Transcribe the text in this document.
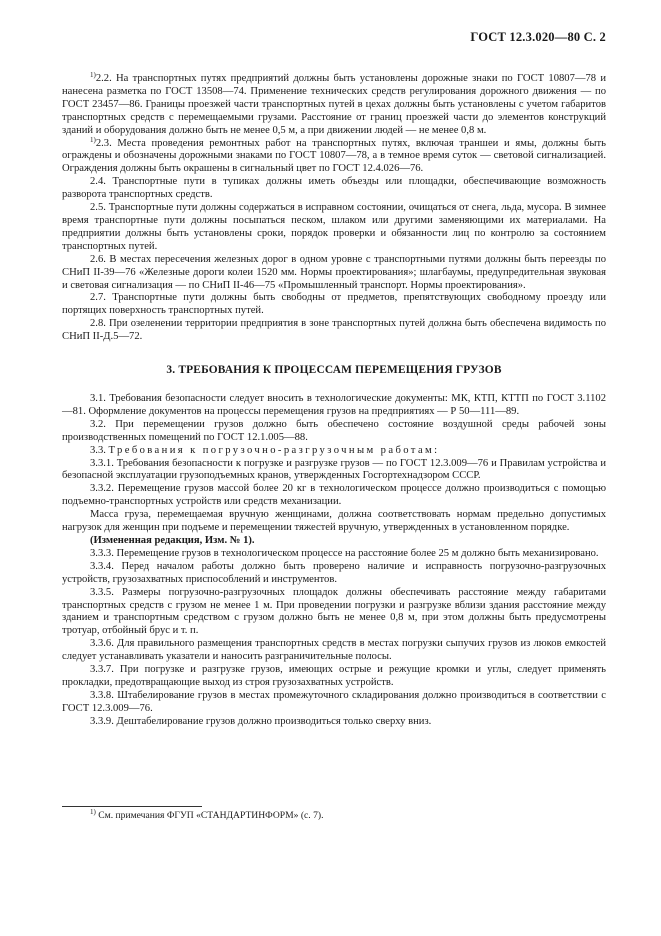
ГОСТ 12.3.020—80 С. 2

$^{1)}$2.2. На транспортных путях предприятий должны быть установлены дорожные знаки по ГОСТ 10807—78 и нанесена разметка по ГОСТ 13508—74. Применение технических средств регулирования дорожного движения — по ГОСТ 23457—86. Границы проезжей части транспортных путей в цехах должны быть установлены с учетом габаритов транспортных средств с перемещаемыми грузами. Расстояние от границ проезжей части до элементов конструкций зданий и оборудования должно быть не менее 0,5 м, а при движении людей — не менее 0,8 м.

$^{1)}$2.3. Места проведения ремонтных работ на транспортных путях, включая траншеи и ямы, должны быть ограждены и обозначены дорожными знаками по ГОСТ 10807—78, а в темное время суток — световой сигнализацией. Ограждения должны быть окрашены в сигнальный цвет по ГОСТ 12.4.026—76.

2.4. Транспортные пути в тупиках должны иметь объезды или площадки, обеспечивающие возможность разворота транспортных средств.

2.5. Транспортные пути должны содержаться в исправном состоянии, очищаться от снега, льда, мусора. В зимнее время транспортные пути должны посыпаться песком, шлаком или другими заменяющими их материалами. На предприятии должны быть установлены сроки, порядок проверки и обязанности лиц по контролю за состоянием транспортных путей.

2.6. В местах пересечения железных дорог в одном уровне с транспортными путями должны быть переезды по СНиП II-39—76 «Железные дороги колеи 1520 мм. Нормы проектирования»; шлагбаумы, предупредительная звуковая и световая сигнализация — по СНиП II-46—75 «Промышленный транспорт. Нормы проектирования».

2.7. Транспортные пути должны быть свободны от предметов, препятствующих свободному проезду или портящих поверхность транспортных путей.

2.8. При озеленении территории предприятия в зоне транспортных путей должна быть обеспечена видимость по СНиП II-Д.5—72.

3. ТРЕБОВАНИЯ К ПРОЦЕССАМ ПЕРЕМЕЩЕНИЯ ГРУЗОВ

3.1. Требования безопасности следует вносить в технологические документы: МК, КТП, КТТП по ГОСТ 3.1102—81. Оформление документов на процессы перемещения грузов на предприятиях — Р 50—111—89.

3.2. При перемещении грузов должно быть обеспечено состояние воздушной среды рабочей зоны производственных помещений по ГОСТ 12.1.005—88.

3.3. Требования к погрузочно-разгрузочным работам:

3.3.1. Требования безопасности к погрузке и разгрузке грузов — по ГОСТ 12.3.009—76 и Правилам устройства и безопасной эксплуатации грузоподъемных кранов, утвержденных Госгортехнадзором СССР.

3.3.2. Перемещение грузов массой более 20 кг в технологическом процессе должно производиться с помощью подъемно-транспортных устройств или средств механизации.

Масса груза, перемещаемая вручную женщинами, должна соответствовать нормам предельно допустимых нагрузок для женщин при подъеме и перемещении тяжестей вручную, утвержденных в установленном порядке.

(Измененная редакция, Изм. № 1).

3.3.3. Перемещение грузов в технологическом процессе на расстояние более 25 м должно быть механизировано.

3.3.4. Перед началом работы должно быть проверено наличие и исправность погрузочно-разгрузочных устройств, грузозахватных приспособлений и инструментов.

3.3.5. Размеры погрузочно-разгрузочных площадок должны обеспечивать расстояние между габаритами транспортных средств с грузом не менее 1 м. При проведении погрузки и разгрузке вблизи здания расстояние между зданием и транспортным средством с грузом должно быть не менее 0,8 м, при этом должны быть предусмотрены тротуар, отбойный брус и т. п.

3.3.6. Для правильного размещения транспортных средств в местах погрузки сыпучих грузов из люков емкостей следует устанавливать указатели и наносить разграничительные полосы.

3.3.7. При погрузке и разгрузке грузов, имеющих острые и режущие кромки и углы, следует применять прокладки, предотвращающие выход из строя грузозахватных устройств.

3.3.8. Штабелирование грузов в местах промежуточного складирования должно производиться в соответствии с ГОСТ 12.3.009—76.

3.3.9. Дештабелирование грузов должно производиться только сверху вниз.

$^{1)}$ См. примечания ФГУП «СТАНДАРТИНФОРМ» (с. 7).
